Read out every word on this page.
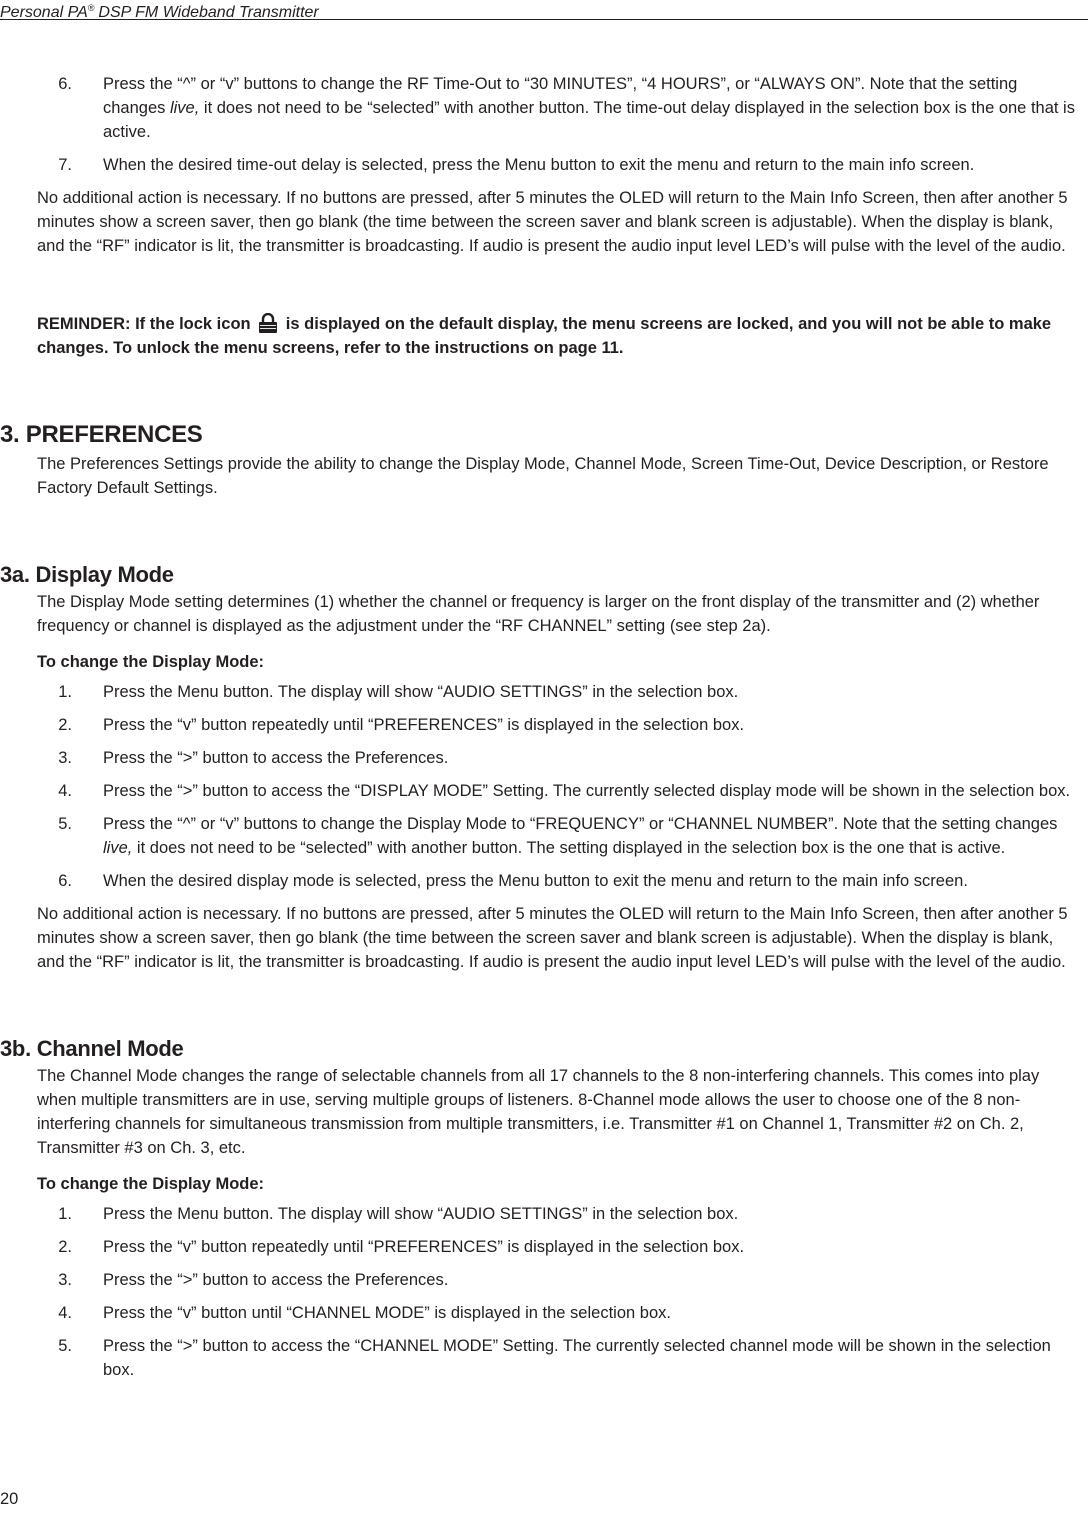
Personal PA® DSP FM Wideband Transmitter
6. Press the “^” or “v” buttons to change the RF Time-Out to “30 MINUTES”, “4 HOURS”, or “ALWAYS ON”. Note that the setting changes live, it does not need to be “selected” with another button. The time-out delay displayed in the selection box is the one that is active.
7. When the desired time-out delay is selected, press the Menu button to exit the menu and return to the main info screen.

No additional action is necessary. If no buttons are pressed, after 5 minutes the OLED will return to the Main Info Screen, then after another 5 minutes show a screen saver, then go blank (the time between the screen saver and blank screen is adjustable). When the display is blank, and the “RF” indicator is lit, the transmitter is broadcasting. If audio is present the audio input level LED’s will pulse with the level of the audio.

REMINDER: If the lock icon is displayed on the default display, the menu screens are locked, and you will not be able to make changes. To unlock the menu screens, refer to the instructions on page 11.

3. PREFERENCES

The Preferences Settings provide the ability to change the Display Mode, Channel Mode, Screen Time-Out, Device Description, or Restore Factory Default Settings.

3a. Display Mode

The Display Mode setting determines (1) whether the channel or frequency is larger on the front display of the transmitter and (2) whether frequency or channel is displayed as the adjustment under the “RF CHANNEL” setting (see step 2a).

To change the Display Mode:

1. Press the Menu button. The display will show “AUDIO SETTINGS” in the selection box.
2. Press the “v” button repeatedly until “PREFERENCES” is displayed in the selection box.
3. Press the “>” button to access the Preferences.
4. Press the “>” button to access the “DISPLAY MODE” Setting. The currently selected display mode will be shown in the selection box.
5. Press the “^” or “v” buttons to change the Display Mode to “FREQUENCY” or “CHANNEL NUMBER”. Note that the setting changes live, it does not need to be “selected” with another button. The setting displayed in the selection box is the one that is active.
6. When the desired display mode is selected, press the Menu button to exit the menu and return to the main info screen.

No additional action is necessary. If no buttons are pressed, after 5 minutes the OLED will return to the Main Info Screen, then after another 5 minutes show a screen saver, then go blank (the time between the screen saver and blank screen is adjustable). When the display is blank, and the “RF” indicator is lit, the transmitter is broadcasting. If audio is present the audio input level LED’s will pulse with the level of the audio.

3b. Channel Mode

The Channel Mode changes the range of selectable channels from all 17 channels to the 8 non-interfering channels. This comes into play when multiple transmitters are in use, serving multiple groups of listeners. 8-Channel mode allows the user to choose one of the 8 non-interfering channels for simultaneous transmission from multiple transmitters, i.e. Transmitter #1 on Channel 1, Transmitter #2 on Ch. 2, Transmitter #3 on Ch. 3, etc.

To change the Display Mode:

1. Press the Menu button. The display will show “AUDIO SETTINGS” in the selection box.
2. Press the “v” button repeatedly until “PREFERENCES” is displayed in the selection box.
3. Press the “>” button to access the Preferences.
4. Press the “v” button until “CHANNEL MODE” is displayed in the selection box.
5. Press the “>” button to access the “CHANNEL MODE” Setting. The currently selected channel mode will be shown in the selection box.
20
